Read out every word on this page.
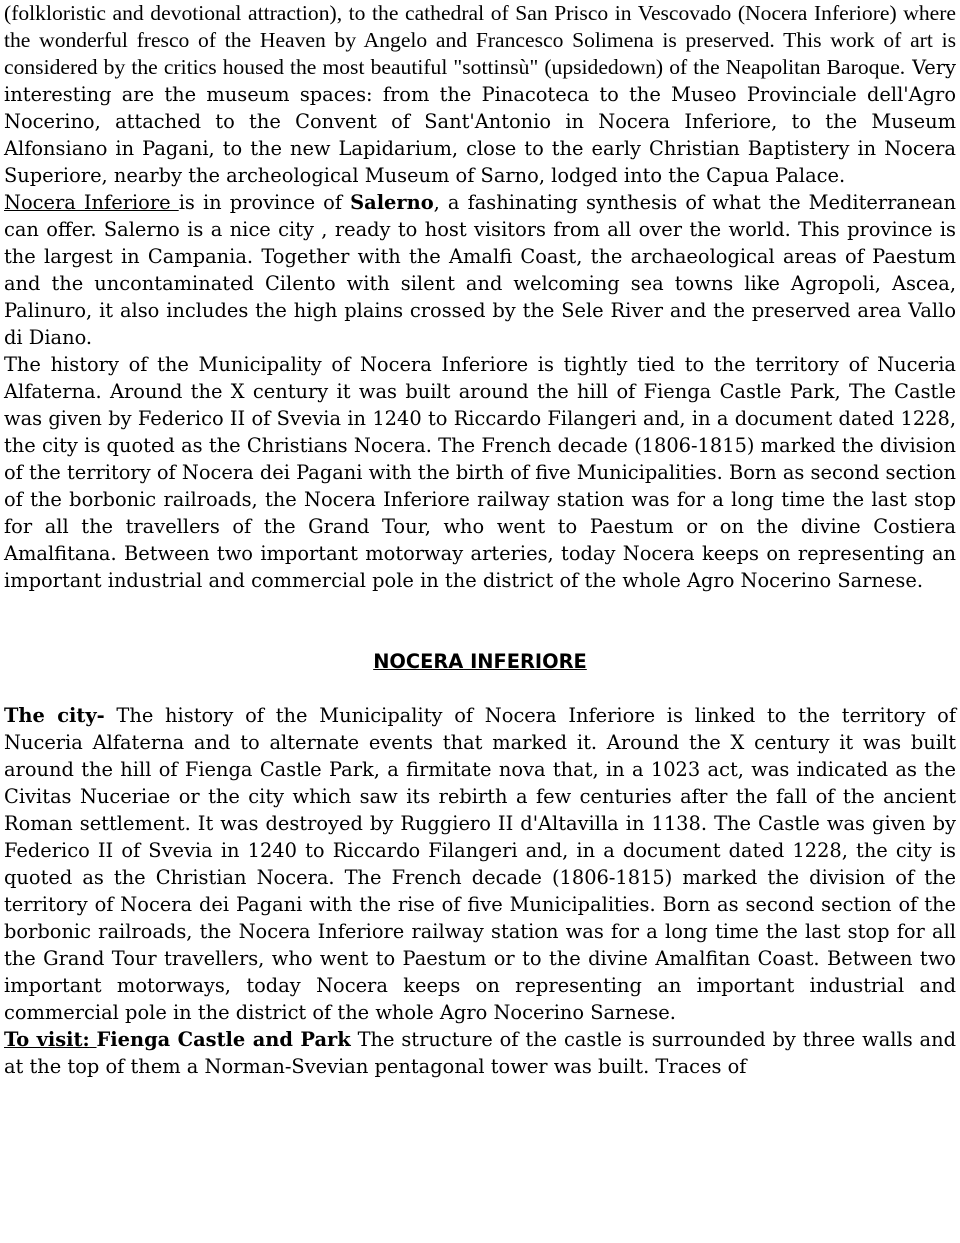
(folkloristic and devotional attraction), to the cathedral of San Prisco in Vescovado (Nocera Inferiore) where the wonderful fresco of the Heaven by Angelo and Francesco Solimena is preserved. This work of art is considered by the critics housed the most beautiful "sottinsù" (upsidedown) of the Neapolitan Baroque. Very interesting are the museum spaces: from the Pinacoteca to the Museo Provinciale dell'Agro Nocerino, attached to the Convent of Sant'Antonio in Nocera Inferiore, to the Museum Alfonsiano in Pagani, to the new Lapidarium, close to the early Christian Baptistery in Nocera Superiore, nearby the archeological Museum of Sarno, lodged into the Capua Palace.

Nocera Inferiore is in province of Salerno, a fashinating synthesis of what the Mediterranean can offer. Salerno is a nice city , ready to host visitors from all over the world. This province is the largest in Campania. Together with the Amalfi Coast, the archaeological areas of Paestum and the uncontaminated Cilento with silent and welcoming sea towns like Agropoli, Ascea, Palinuro, it also includes the high plains crossed by the Sele River and the preserved area Vallo di Diano.

The history of the Municipality of Nocera Inferiore is tightly tied to the territory of Nuceria Alfaterna. Around the X century it was built around the hill of Fienga Castle Park, The Castle was given by Federico II of Svevia in 1240 to Riccardo Filangeri and, in a document dated 1228, the city is quoted as the Christians Nocera. The French decade (1806-1815) marked the division of the territory of Nocera dei Pagani with the birth of five Municipalities. Born as second section of the borbonic railroads, the Nocera Inferiore railway station was for a long time the last stop for all the travellers of the Grand Tour, who went to Paestum or on the divine Costiera Amalfitana. Between two important motorway arteries, today Nocera keeps on representing an important industrial and commercial pole in the district of the whole Agro Nocerino Sarnese.

NOCERA INFERIORE

The city- The history of the Municipality of Nocera Inferiore is linked to the territory of Nuceria Alfaterna and to alternate events that marked it. Around the X century it was built around the hill of Fienga Castle Park, a firmitate nova that, in a 1023 act, was indicated as the Civitas Nuceriae or the city which saw its rebirth a few centuries after the fall of the ancient Roman settlement. It was destroyed by Ruggiero II d'Altavilla in 1138. The Castle was given by Federico II of Svevia in 1240 to Riccardo Filangeri and, in a document dated 1228, the city is quoted as the Christian Nocera. The French decade (1806-1815) marked the division of the territory of Nocera dei Pagani with the rise of five Municipalities. Born as second section of the borbonic railroads, the Nocera Inferiore railway station was for a long time the last stop for all the Grand Tour travellers, who went to Paestum or to the divine Amalfitan Coast. Between two important motorways, today Nocera keeps on representing an important industrial and commercial pole in the district of the whole Agro Nocerino Sarnese.

To visit: Fienga Castle and Park The structure of the castle is surrounded by three walls and at the top of them a Norman-Svevian pentagonal tower was built. Traces of
